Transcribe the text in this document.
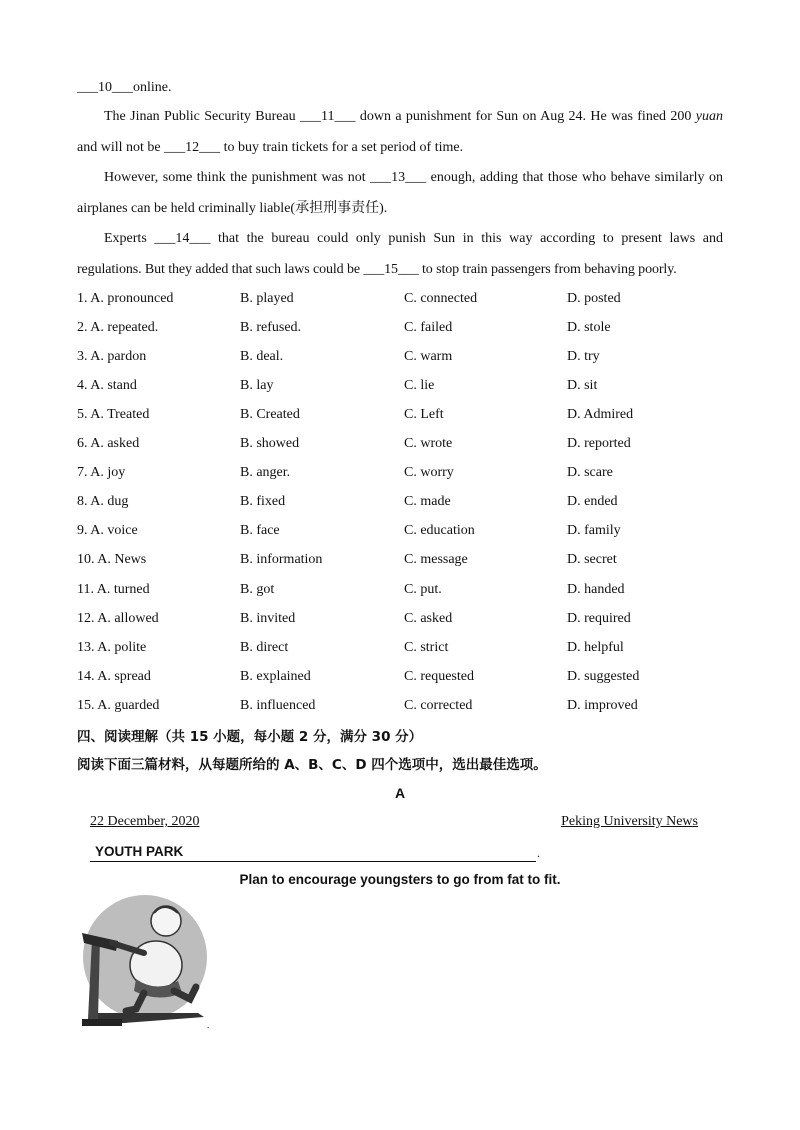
___10___online.
The Jinan Public Security Bureau ___11___ down a punishment for Sun on Aug 24. He was fined 200 yuan
and will not be ___12___ to buy train tickets for a set period of time.
However, some think the punishment was not ___13___ enough, adding that those who behave similarly on
airplanes can be held criminally liable(承担刑事责任).
Experts ___14___ that the bureau could only punish Sun in this way according to present laws and
regulations. But they added that such laws could be ___15___ to stop train passengers from behaving poorly.
1. A. pronounced	B. played	C. connected	D. posted
2. A. repeated.	B. refused.	C. failed	D. stole
3. A. pardon	B. deal.	C. warm	D. try
4. A. stand	B. lay	C. lie	D. sit
5. A. Treated	B. Created	C. Left	D. Admired
6. A. asked	B. showed	C. wrote	D. reported
7. A. joy	B. anger.	C. worry	D. scare
8. A. dug	B. fixed	C. made	D. ended
9. A. voice	B. face	C. education	D. family
10. A. News	B. information	C. message	D. secret
11. A. turned	B. got	C. put.	D. handed
12. A. allowed	B. invited	C. asked	D. required
13. A. polite	B. direct	C. strict	D. helpful
14. A. spread	B. explained	C. requested	D. suggested
15. A. guarded	B. influenced	C. corrected	D. improved
四、阅读理解（共 15 小题，每小题 2 分，满分 30 分）
阅读下面三篇材料，从每题所给的 A、B、C、D 四个选项中，选出最佳选项。
A
22 December, 2020	Peking University News
YOUTH PARK	.
Plan to encourage youngsters to go from fat to fit.
.
